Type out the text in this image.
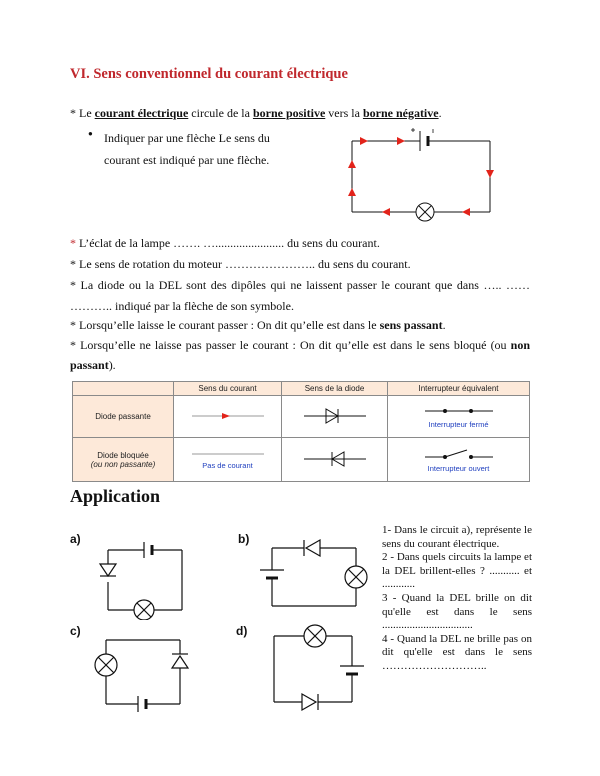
VI. Sens conventionnel du courant électrique
* Le courant électrique circule de la borne positive vers la borne négative.
● Indiquer par une flèche Le sens du
courant est indiqué par une flèche.
* L’éclat de la lampe ……. …....................... du sens du courant.
* Le sens de rotation du moteur ………………….. du sens du courant.
* La diode ou la DEL sont des dipôles qui ne laissent passer le courant que dans ….. ……
……….. indiqué par la flèche de son symbole.
* Lorsqu’elle laisse le courant passer : On dit qu’elle est dans le sens passant.
* Lorsqu’elle ne laisse pas passer le courant : On dit qu’elle est dans le sens bloqué (ou non
passant).
	Sens du courant	Sens de la diode	Interrupteur équivalent
Diode passante			Interrupteur fermé

Diode bloquée
(ou non passante)	Pas de courant		Interrupteur ouvert
Application
a)	b)
c)	d)
1- Dans le circuit a), représente le sens du courant électrique.
2 - Dans quels circuits la lampe et la DEL brillent-elles ? ........... et ............
3 - Quand la DEL brille on dit qu'elle est dans le sens .................................
4 - Quand la DEL ne brille pas on dit qu'elle est dans le sens ………………………..
